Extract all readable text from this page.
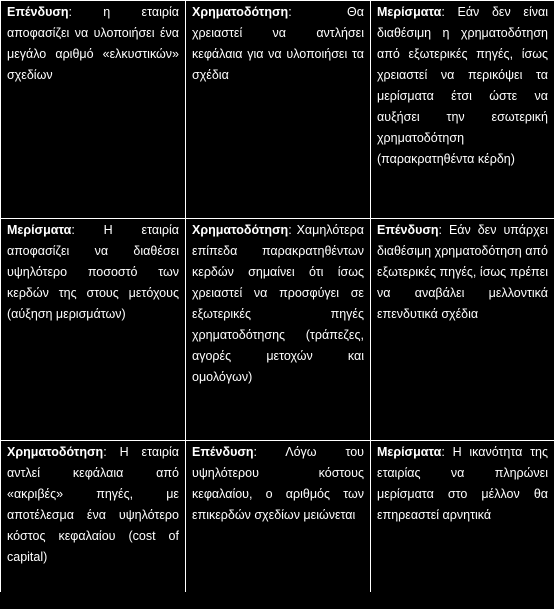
Επένδυση: η εταιρία αποφασίζει να υλοποιήσει ένα μεγάλο αριθμό «ελκυστικών» σχεδίων	Χρηματοδότηση: Θα χρειαστεί να αντλήσει κεφάλαια για να υλοποιήσει τα σχέδια	Μερίσματα: Εάν δεν είναι διαθέσιμη η χρηματοδότηση από εξωτερικές πηγές, ίσως χρειαστεί να περικόψει τα μερίσματα έτσι ώστε να αυξήσει την εσωτερική χρηματοδότηση (παρακρατηθέντα κέρδη)
Μερίσματα: Η εταιρία αποφασίζει να διαθέσει υψηλότερο ποσοστό των κερδών της στους μετόχους (αύξηση μερισμάτων)	Χρηματοδότηση: Χαμηλότερα επίπεδα παρακρατηθέντων κερδών σημαίνει ότι ίσως χρειαστεί να προσφύγει σε εξωτερικές πηγές χρηματοδότησης (τράπεζες, αγορές μετοχών και ομολόγων)	Επένδυση: Εάν δεν υπάρχει διαθέσιμη χρηματοδότηση από εξωτερικές πηγές, ίσως πρέπει να αναβάλει μελλοντικά επενδυτικά σχέδια
Χρηματοδότηση: Η εταιρία αντλεί κεφάλαια από «ακριβές» πηγές, με αποτέλεσμα ένα υψηλότερο κόστος κεφαλαίου (cost of capital)	Επένδυση: Λόγω του υψηλότερου κόστους κεφαλαίου, ο αριθμός των επικερδών σχεδίων μειώνεται	Μερίσματα: Η ικανότητα της εταιρίας να πληρώνει μερίσματα στο μέλλον θα επηρεαστεί αρνητικά
